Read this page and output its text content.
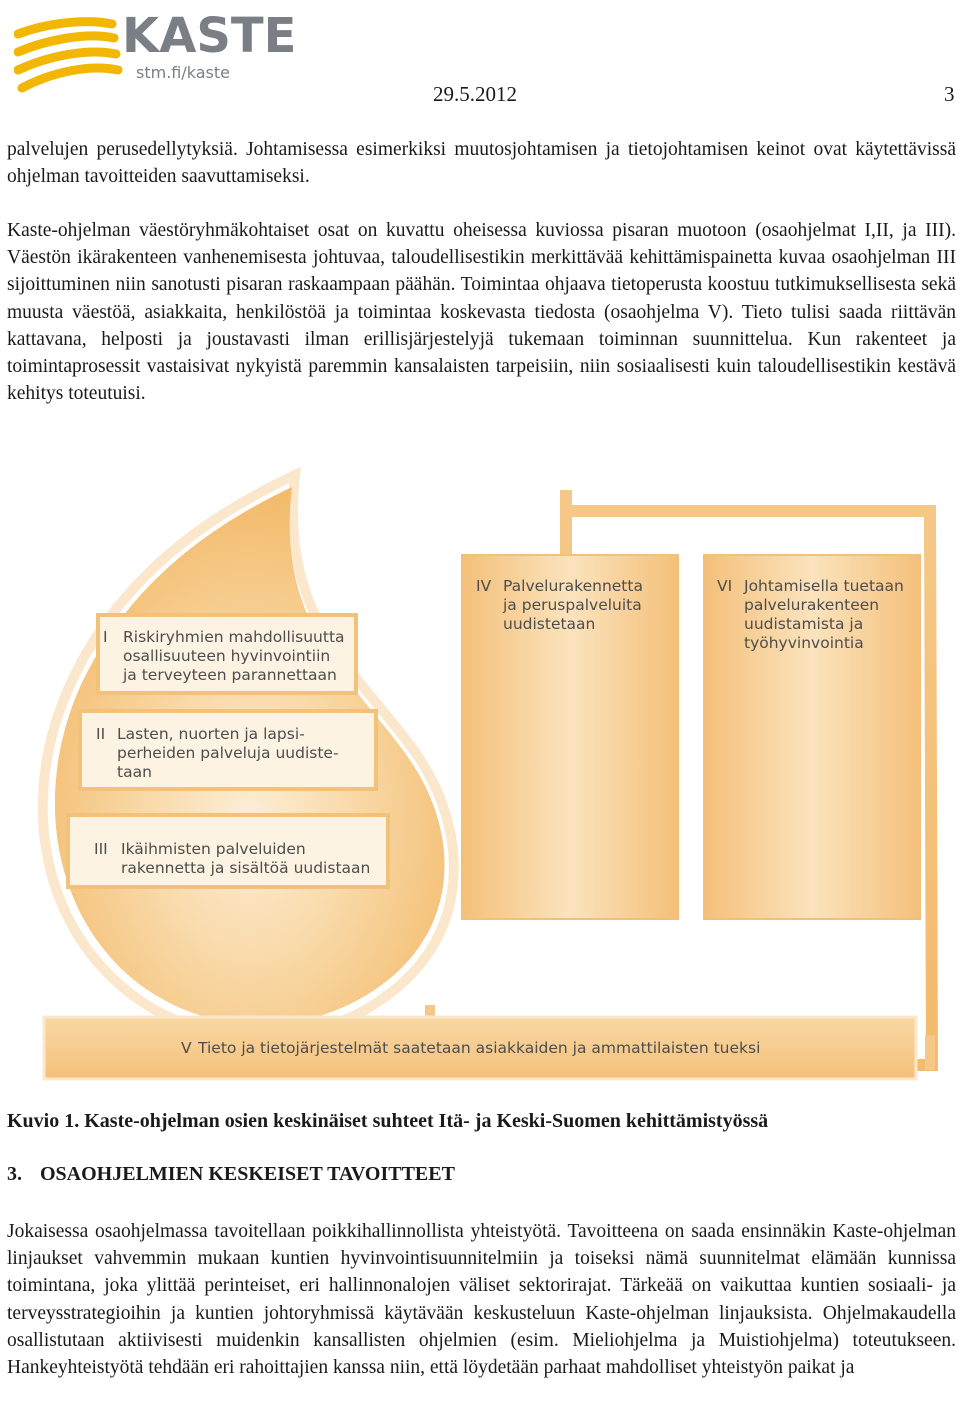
KASTE
stm.fi/kaste
29.5.2012	3

palvelujen perusedellytyksiä. Johtamisessa esimerkiksi muutosjohtamisen ja tietojohtamisen keinot ovat käytettävissä ohjelman tavoitteiden saavuttamiseksi.

Kaste-ohjelman väestöryhmäkohtaiset osat on kuvattu oheisessa kuviossa pisaran muotoon (osaohjelmat I,II, ja III). Väestön ikärakenteen vanhenemisesta johtuvaa, taloudellisestikin merkittävää kehittämispainetta kuvaa osaohjelman III sijoittuminen niin sanotusti pisaran raskaampaan päähän. Toimintaa ohjaava tietoperusta koostuu tutkimuksellisesta sekä muusta väestöä, asiakkaita, henkilöstöä ja toimintaa koskevasta tiedosta (osaohjelma V). Tieto tulisi saada riittävän kattavana, helposti ja joustavasti ilman erillisjärjestelyjä tukemaan toiminnan suunnittelua. Kun rakenteet ja toimintaprosessit vastaisivat nykyistä paremmin kansalaisten tarpeisiin, niin sosiaalisesti kuin taloudellisestikin kestävä kehitys toteutuisi.

I Riskiryhmien mahdollisuutta
osallisuuteen hyvinvointiin
ja terveyteen parannettaan
II Lasten, nuorten ja lapsi-
perheiden palveluja uudiste-
taan
III Ikäihmisten palveluiden
rakennetta ja sisältöä uudistaan
IV Palvelurakennetta
ja peruspalveluita
uudistetaan
VI Johtamisella tuetaan
palvelurakenteen
uudistamista ja
työhyvinvointia
V Tieto ja tietojärjestelmät saatetaan asiakkaiden ja ammattilaisten tueksi
Kuvio 1. Kaste-ohjelman osien keskinäiset suhteet Itä- ja Keski-Suomen kehittämistyössä
3. OSAOHJELMIEN KESKEISET TAVOITTEET

Jokaisessa osaohjelmassa tavoitellaan poikkihallinnollista yhteistyötä. Tavoitteena on saada ensinnäkin Kaste-ohjelman linjaukset vahvemmin mukaan kuntien hyvinvointisuunnitelmiin ja toiseksi nämä suunnitelmat elämään kunnissa toimintana, joka ylittää perinteiset, eri hallinnonalojen väliset sektorirajat. Tärkeää on vaikuttaa kuntien sosiaali- ja terveysstrategioihin ja kuntien johtoryhmissä käytävään keskusteluun Kaste-ohjelman linjauksista. Ohjelmakaudella osallistutaan aktiivisesti muidenkin kansallisten ohjelmien (esim. Mieliohjelma ja Muistiohjelma) toteutukseen. Hankeyhteistyötä tehdään eri rahoittajien kanssa niin, että löydetään parhaat mahdolliset yhteistyön paikat ja
